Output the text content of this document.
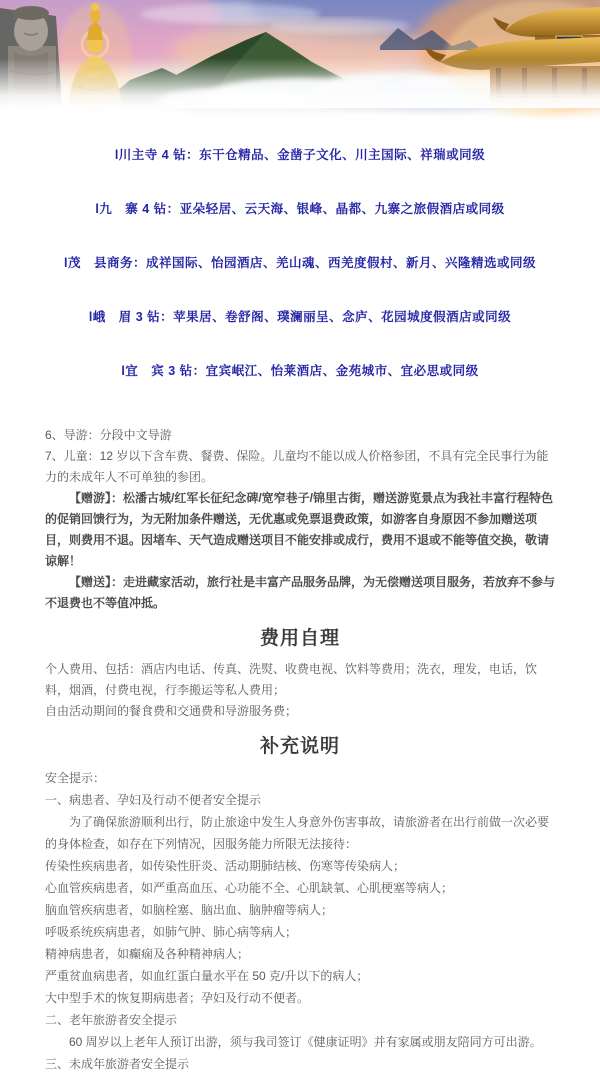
l川主寺 4 钻：东干仓精品、金凿子文化、川主国际、祥瑞或同级

l九　寨 4 钻：亚朵轻居、云天海、银峰、晶都、九寨之旅假酒店或同级

l茂　县商务：成祥国际、怡园酒店、羌山魂、西羌度假村、新月、兴隆精选或同级

l峨　眉 3 钻：苹果居、卷舒阁、璞澜丽呈、念庐、花园城度假酒店或同级

l宜　宾 3 钻：宜宾岷江、怡莱酒店、金苑城市、宜必思或同级

6、导游：分段中文导游

7、儿童：12 岁以下含车费、餐费、保险。儿童均不能以成人价格参团，不具有完全民事行为能力的未成年人不可单独的参团。

【赠游】：松潘古城/红军长征纪念碑/宽窄巷子/锦里古街，赠送游览景点为我社丰富行程特色的促销回馈行为，为无附加条件赠送，无优惠或免票退费政策，如游客自身原因不参加赠送项目，则费用不退。因堵车、天气造成赠送项目不能安排或成行，费用不退或不能等值交换，敬请谅解！

【赠送】：走进藏家活动，旅行社是丰富产品服务品牌，为无偿赠送项目服务，若放弃不参与不退费也不等值冲抵。

费用自理

个人费用、包括：酒店内电话、传真、洗熨、收费电视、饮料等费用；洗衣，理发，电话，饮料，烟酒，付费电视，行李搬运等私人费用；

自由活动期间的餐食费和交通费和导游服务费；

补充说明

安全提示：

一、病患者、孕妇及行动不便者安全提示

为了确保旅游顺利出行，防止旅途中发生人身意外伤害事故，请旅游者在出行前做一次必要的身体检查，如存在下列情况，因服务能力所限无法接待：

传染性疾病患者，如传染性肝炎、活动期肺结核、伤寒等传染病人；

心血管疾病患者，如严重高血压、心功能不全、心肌缺氧、心肌梗塞等病人；

脑血管疾病患者，如脑栓塞、脑出血、脑肿瘤等病人；

呼吸系统疾病患者，如肺气肿、肺心病等病人；

精神病患者，如癫痫及各种精神病人；

严重贫血病患者，如血红蛋白量水平在 50 克/升以下的病人；

大中型手术的恢复期病患者；孕妇及行动不便者。

二、老年旅游者安全提示

60 周岁以上老年人预订出游，须与我司签订《健康证明》并有家属或朋友陪同方可出游。

三、未成年旅游者安全提示
